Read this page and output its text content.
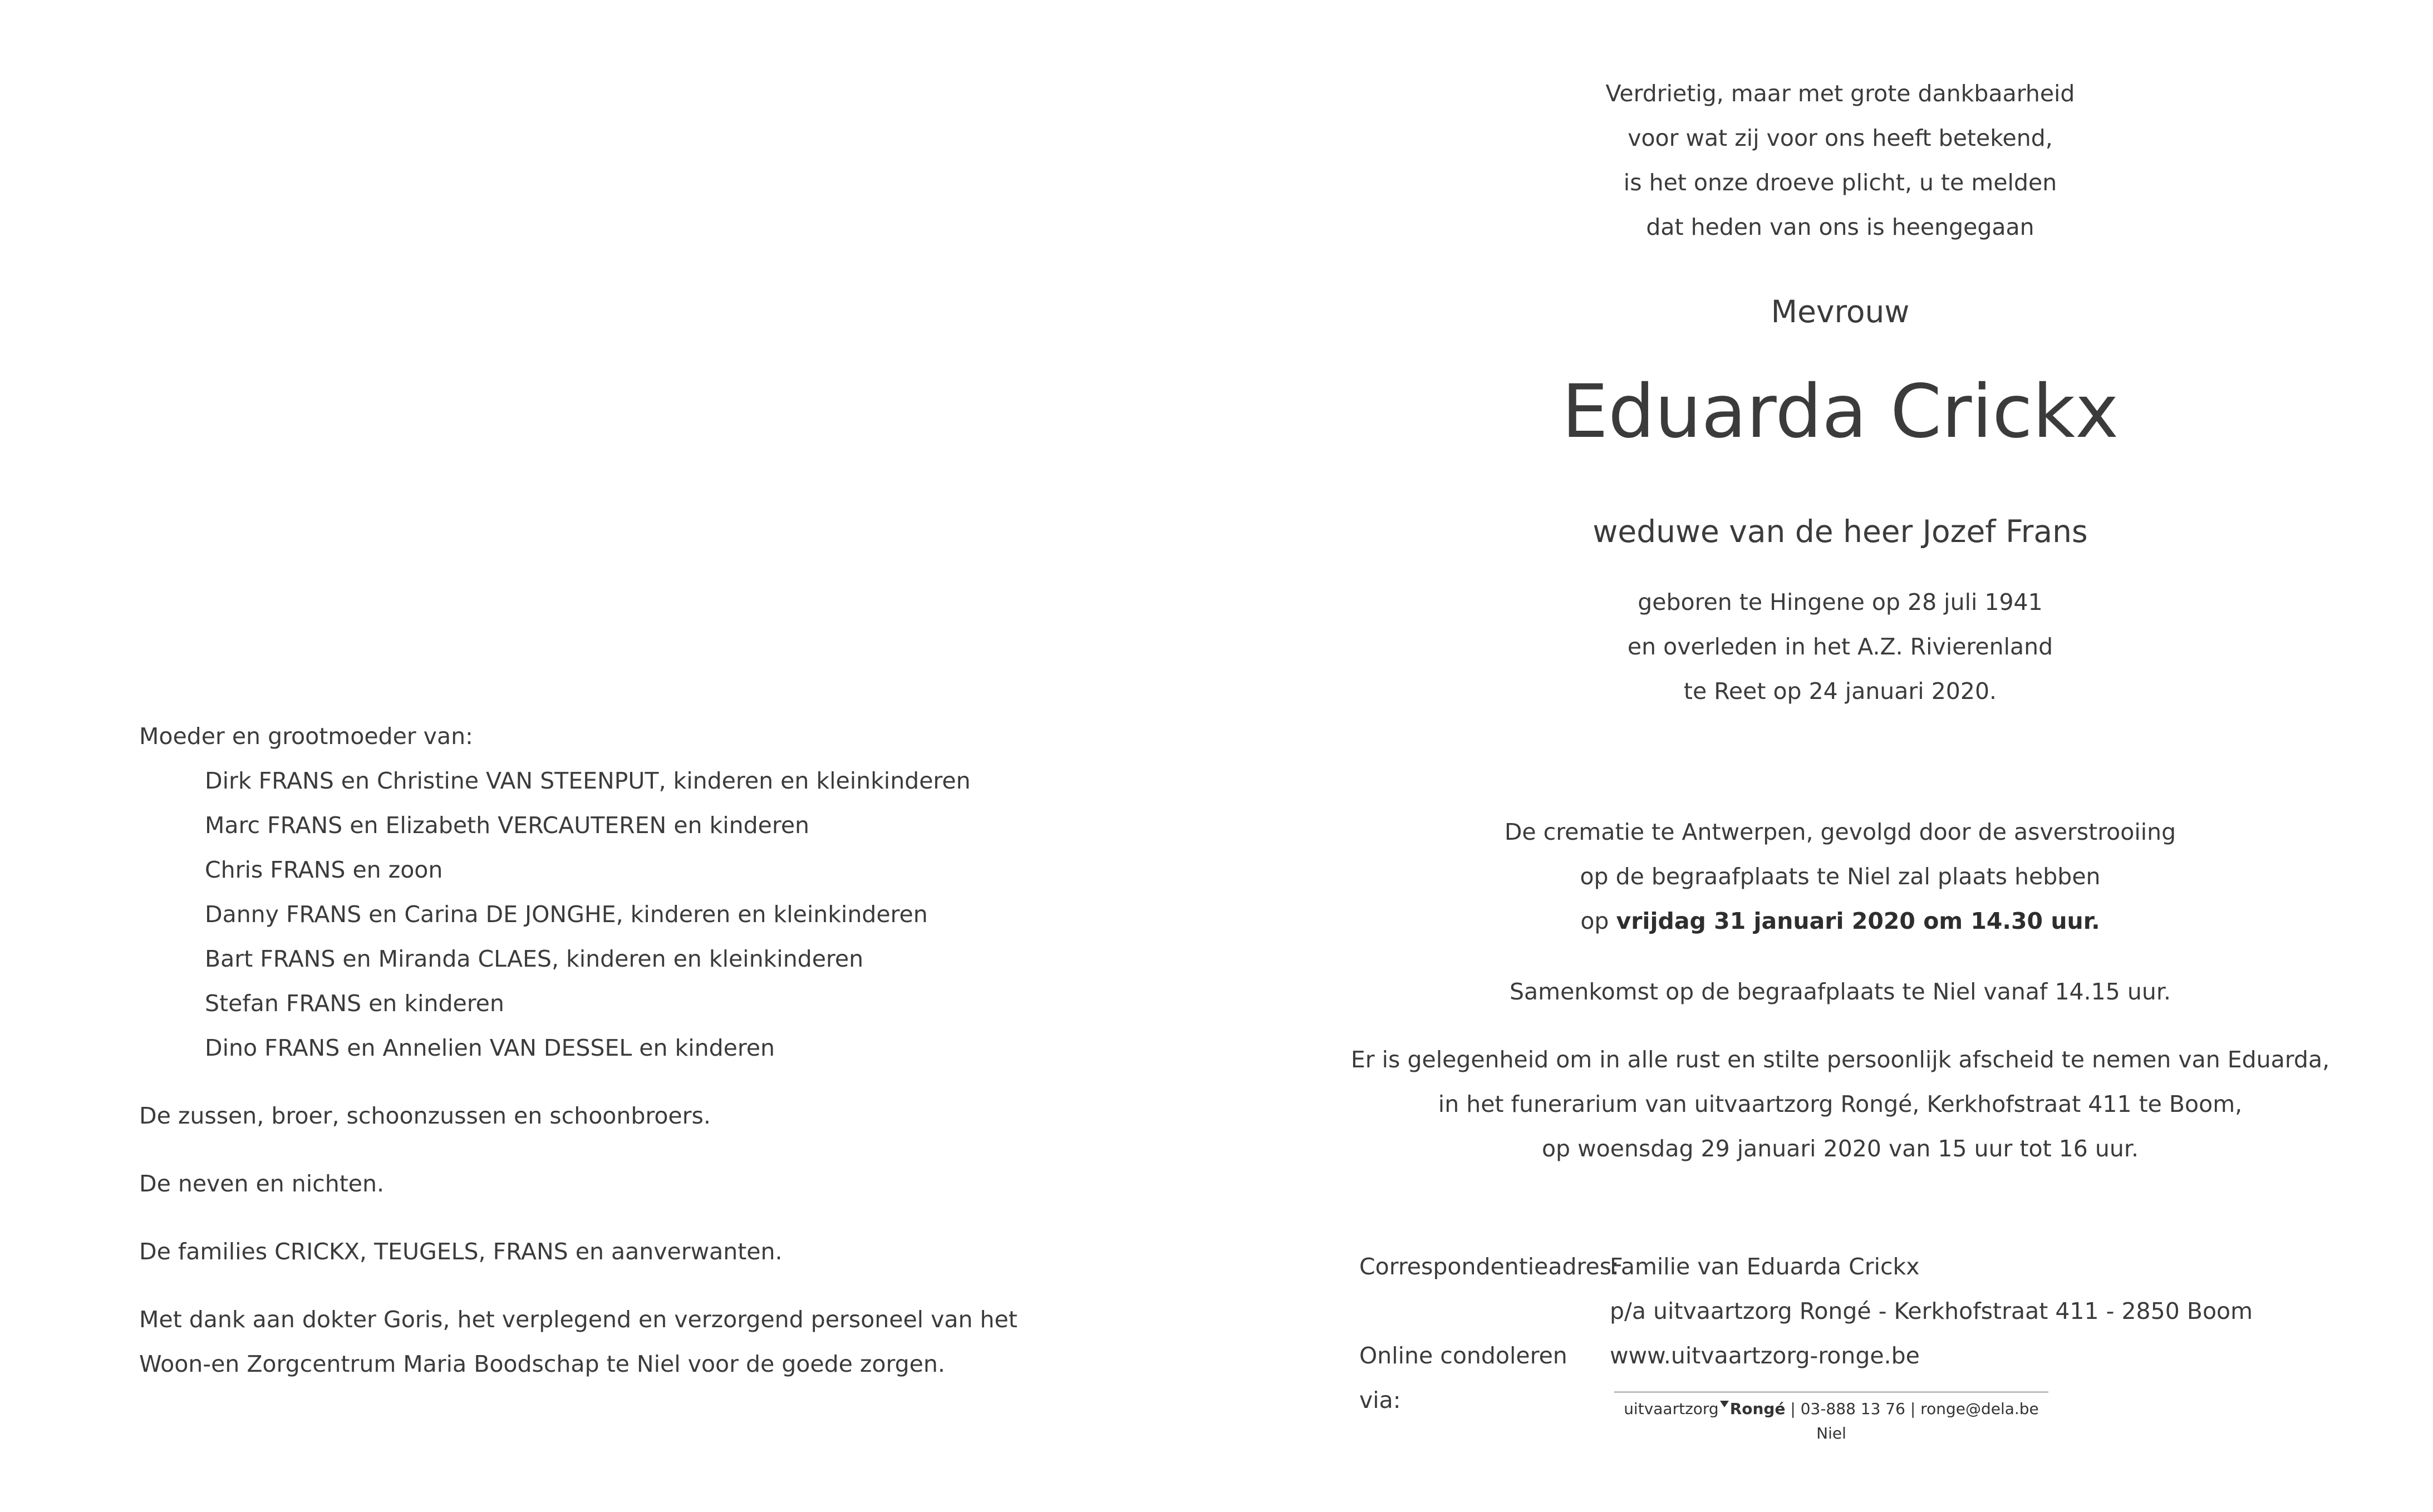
Moeder en grootmoeder van:

Dirk FRANS en Christine VAN STEENPUT, kinderen en kleinkinderen

Marc FRANS en Elizabeth VERCAUTEREN en kinderen

Chris FRANS en zoon

Danny FRANS en Carina DE JONGHE, kinderen en kleinkinderen

Bart FRANS en Miranda CLAES, kinderen en kleinkinderen

Stefan FRANS en kinderen

Dino FRANS en Annelien VAN DESSEL en kinderen

De zussen, broer, schoonzussen en schoonbroers.

De neven en nichten.

De families CRICKX, TEUGELS, FRANS en aanverwanten.

Met dank aan dokter Goris, het verplegend en verzorgend personeel van het

Woon-en Zorgcentrum Maria Boodschap te Niel voor de goede zorgen.

Verdrietig, maar met grote dankbaarheid
voor wat zij voor ons heeft betekend,
is het onze droeve plicht, u te melden
dat heden van ons is heengegaan
Mevrouw
Eduarda Crickx
weduwe van de heer Jozef Frans
geboren te Hingene op 28 juli 1941
en overleden in het A.Z. Rivierenland
te Reet op 24 januari 2020.
De crematie te Antwerpen, gevolgd door de asverstrooiing
op de begraafplaats te Niel zal plaats hebben
op vrijdag 31 januari 2020 om 14.30 uur.
Samenkomst op de begraafplaats te Niel vanaf 14.15 uur.
Er is gelegenheid om in alle rust en stilte persoonlijk afscheid te nemen van Eduarda,
in het funerarium van uitvaartzorg Rongé, Kerkhofstraat 411 te Boom,
op woensdag 29 januari 2020 van 15 uur tot 16 uur.
Correspondentieadres:
Familie van Eduarda Crickx
p/a uitvaartzorg Rongé - Kerkhofstraat 411 - 2850 Boom
Online condoleren via:
www.uitvaartzorg-ronge.be
uitvaartzorg Rongé | 03-888 13 76 | ronge@dela.be
Niel
